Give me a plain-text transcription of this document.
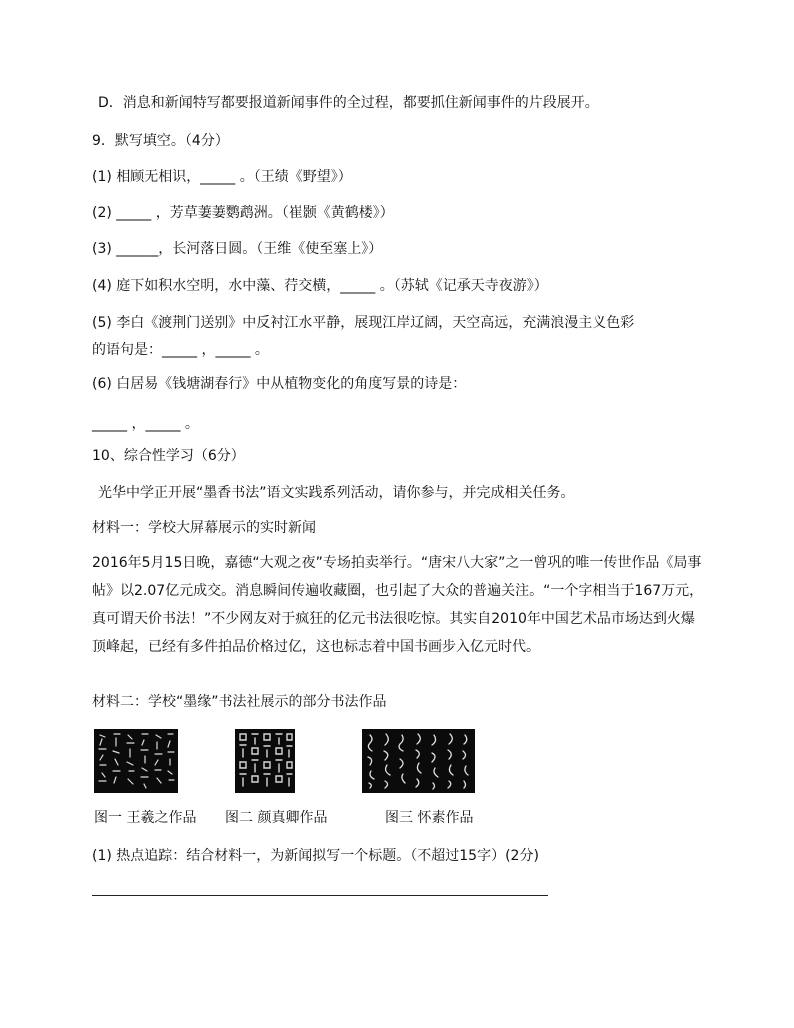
D．消息和新闻特写都要报道新闻事件的全过程，都要抓住新闻事件的片段展开。
9．默写填空。（4分）
(1) 相顾无相识，_____ 。（王绩《野望》）
(2) _____ ，芳草萋萋鹦鹉洲。（崔颢《黄鹤楼》）
(3) ______，长河落日圆。（王维《使至塞上》）
(4) 庭下如积水空明，水中藻、荇交横，_____ 。（苏轼《记承天寺夜游》）
(5) 李白《渡荆门送别》中反衬江水平静，展现江岸辽阔，天空高远，充满浪漫主义色彩
的语句是：_____ ，_____ 。
(6) 白居易《钱塘湖春行》中从植物变化的角度写景的诗是：
_____ ，_____ 。
10、综合性学习（6分）
光华中学正开展“墨香书法”语文实践系列活动，请你参与，并完成相关任务。
材料一：学校大屏幕展示的实时新闻
2016年5月15日晚，嘉德“大观之夜”专场拍卖举行。“唐宋八大家”之一曾巩的唯一传世作品《局事帖》以2.07亿元成交。消息瞬间传遍收藏圈，也引起了大众的普遍关注。“一个字相当于167万元，真可谓天价书法！”不少网友对于疯狂的亿元书法很吃惊。其实自2010年中国艺术品市场达到火爆顶峰起，已经有多件拍品价格过亿，这也标志着中国书画步入亿元时代。
材料二：学校“墨缘”书法社展示的部分书法作品
图一 王羲之作品 图二 颜真卿作品	图三 怀素作品
(1) 热点追踪：结合材料一，为新闻拟写一个标题。（不超过15字）(2分)
